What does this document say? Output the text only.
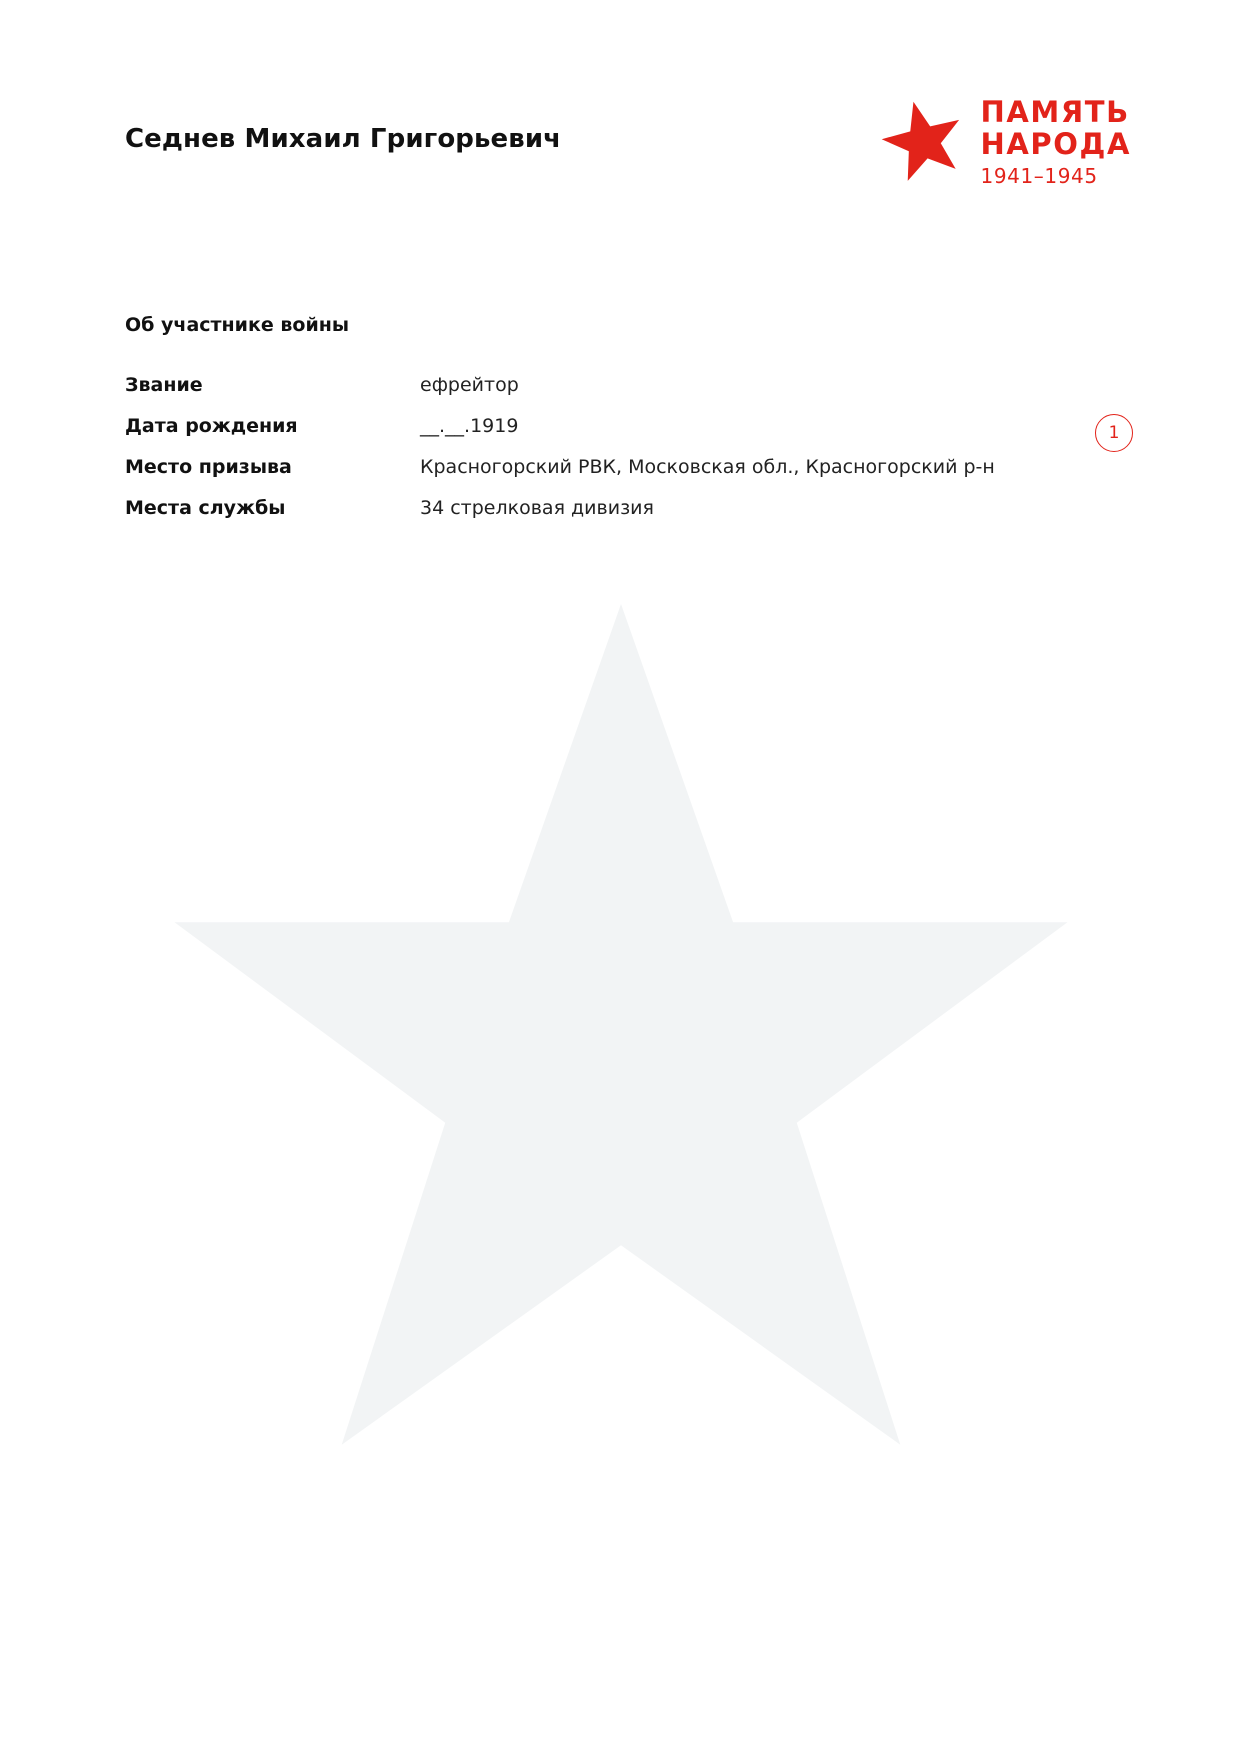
Седнев Михаил Григорьевич
ПАМЯТЬ
НАРОДА
1941–1945
Об участнике войны
Звание	ефрейтор
Дата рождения	__.__.1919
Место призыва	Красногорский РВК, Московская обл., Красногорский р-н
Места службы	34 стрелковая дивизия
1
